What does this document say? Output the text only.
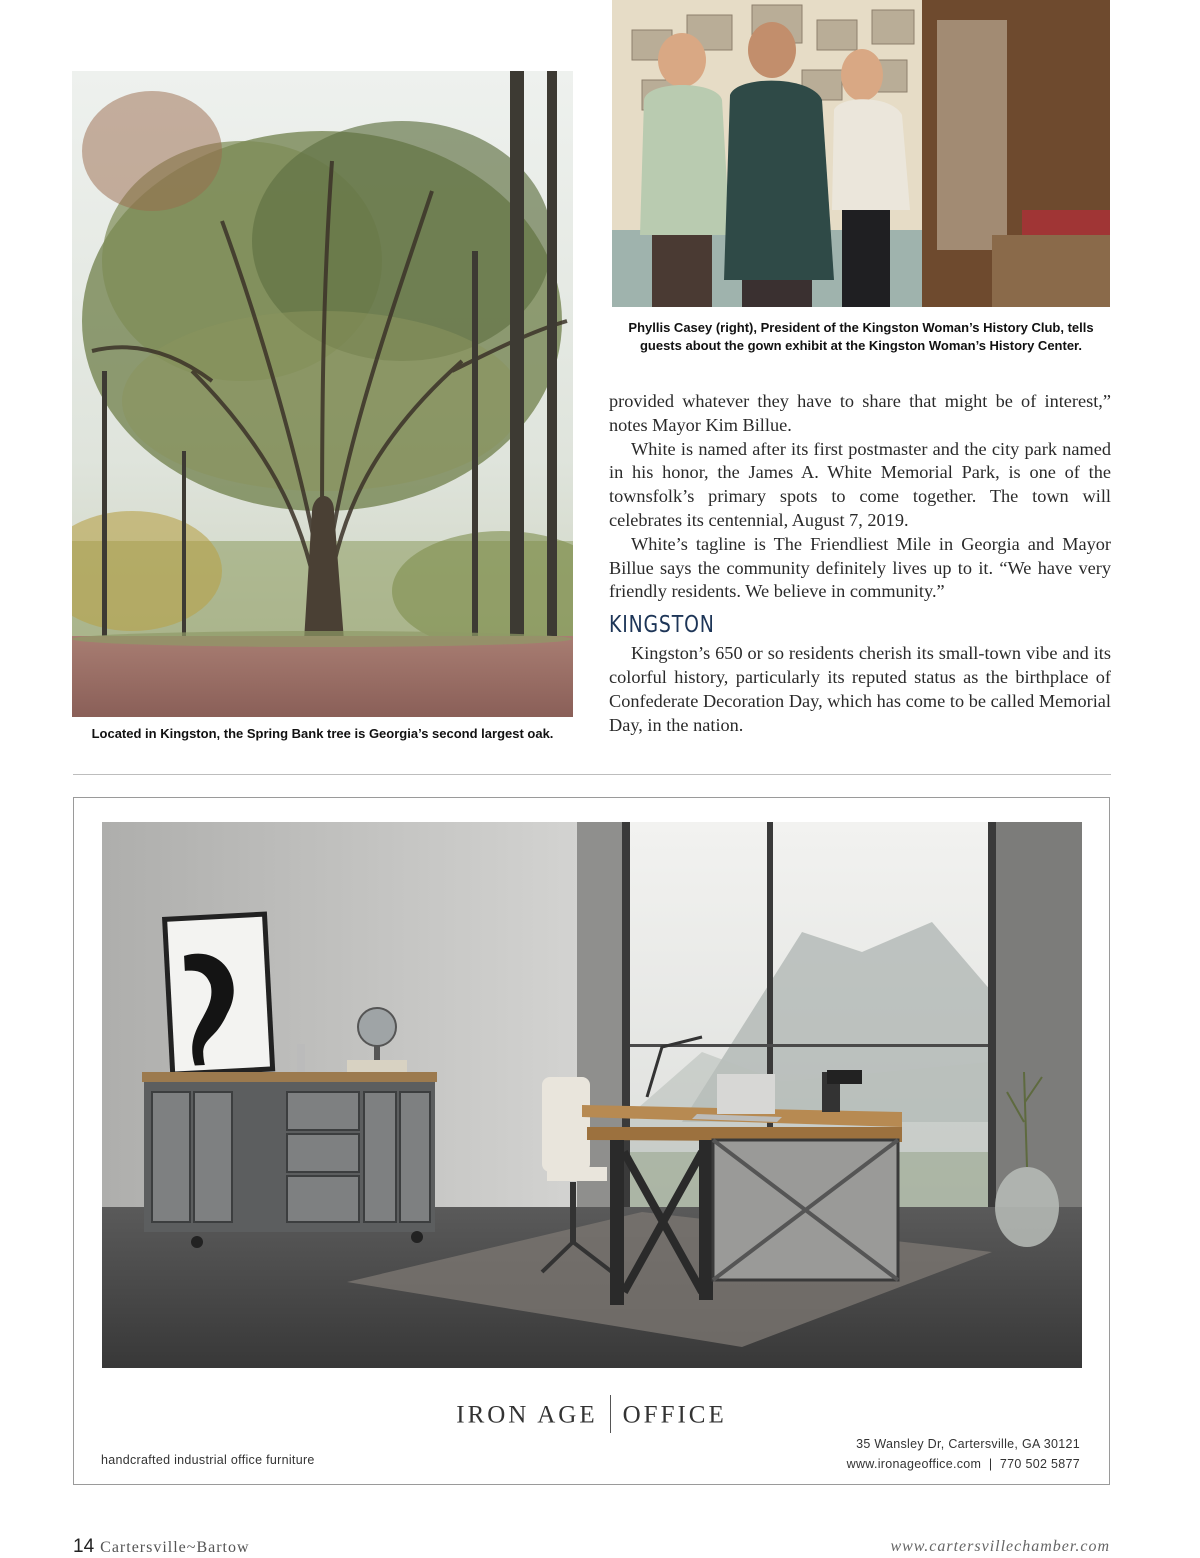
Located in Kingston, the Spring Bank tree is Georgia’s second largest oak.
Phyllis Casey (right), President of the Kingston Woman’s History Club, tells
guests about the gown exhibit at the Kingston Woman’s History Center.

provided whatever they have to share that might be of interest,” notes Mayor Kim Billue.

White is named after its first postmaster and the city park named in his honor, the James A. White Memorial Park, is one of the townsfolk’s primary spots to come together. The town will celebrates its centennial, August 7, 2019.

White’s tagline is The Friendliest Mile in Georgia and Mayor Billue says the community definitely lives up to it. “We have very friendly residents. We believe in community.”

KINGSTON

Kingston’s 650 or so residents cherish its small-town vibe and its colorful history, particularly its reputed status as the birthplace of Confederate Decoration Day, which has come to be called Memorial Day, in the nation.

IRON AGE OFFICE
handcrafted industrial office furniture
35 Wansley Dr, Cartersville, GA 30121
www.ironageoffice.com | 770 502 5877
14 Cartersville~Bartow	www.cartersvillechamber.com
